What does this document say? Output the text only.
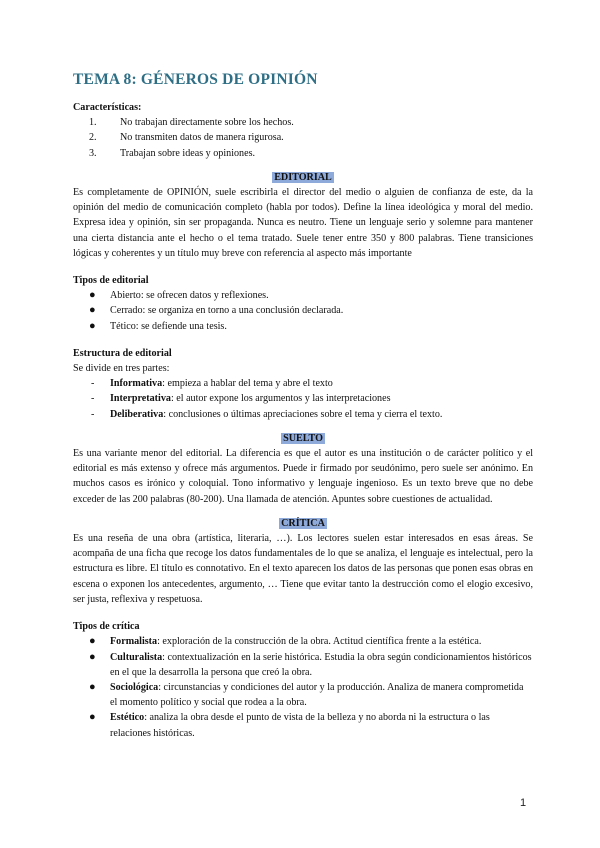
TEMA 8: GÉNEROS DE OPINIÓN

Características:

1. No trabajan directamente sobre los hechos.
2. No transmiten datos de manera rigurosa.
3. Trabajan sobre ideas y opiniones.

EDITORIAL

Es completamente de OPINIÓN, suele escribirla el director del medio o alguien de confianza de este, da la opinión del medio de comunicación completo (habla por todos). Define la línea ideológica y moral del medio. Expresa idea y opinión, sin ser propaganda. Nunca es neutro. Tiene un lenguaje serio y solemne para mantener una cierta distancia ante el hecho o el tema tratado. Suele tener entre 350 y 800 palabras. Tiene transiciones lógicas y coherentes y un título muy breve con referencia al aspecto más importante

Tipos de editorial

● Abierto: se ofrecen datos y reflexiones.
● Cerrado: se organiza en torno a una conclusión declarada.
● Tético: se defiende una tesis.

Estructura de editorial

Se divide en tres partes:

- Informativa: empieza a hablar del tema y abre el texto
- Interpretativa: el autor expone los argumentos y las interpretaciones
- Deliberativa: conclusiones o últimas apreciaciones sobre el tema y cierra el texto.

SUELTO

Es una variante menor del editorial. La diferencia es que el autor es una institución o de carácter político y el editorial es más extenso y ofrece más argumentos. Puede ir firmado por seudónimo, pero suele ser anónimo. En muchos casos es irónico y coloquial. Tono informativo y lenguaje ingenioso. Es un texto breve que no debe exceder de las 200 palabras (80-200). Una llamada de atención. Apuntes sobre cuestiones de actualidad.

CRÍTICA

Es una reseña de una obra (artística, literaria, …). Los lectores suelen estar interesados en esas áreas. Se acompaña de una ficha que recoge los datos fundamentales de lo que se analiza, el lenguaje es intelectual, pero la estructura es libre. El título es connotativo. En el texto aparecen los datos de las personas que ponen esas obras en escena o exponen los antecedentes, argumento, … Tiene que evitar tanto la destrucción como el elogio excesivo, ser justa, reflexiva y respetuosa.

Tipos de crítica

● Formalista: exploración de la construcción de la obra. Actitud científica frente a la estética.
● Culturalista: contextualización en la serie histórica. Estudia la obra según condicionamientos históricos en el que la desarrolla la persona que creó la obra.
● Sociológica: circunstancias y condiciones del autor y la producción. Analiza de manera comprometida el momento político y social que rodea a la obra.
● Estético: analiza la obra desde el punto de vista de la belleza y no aborda ni la estructura o las relaciones históricas.
1
